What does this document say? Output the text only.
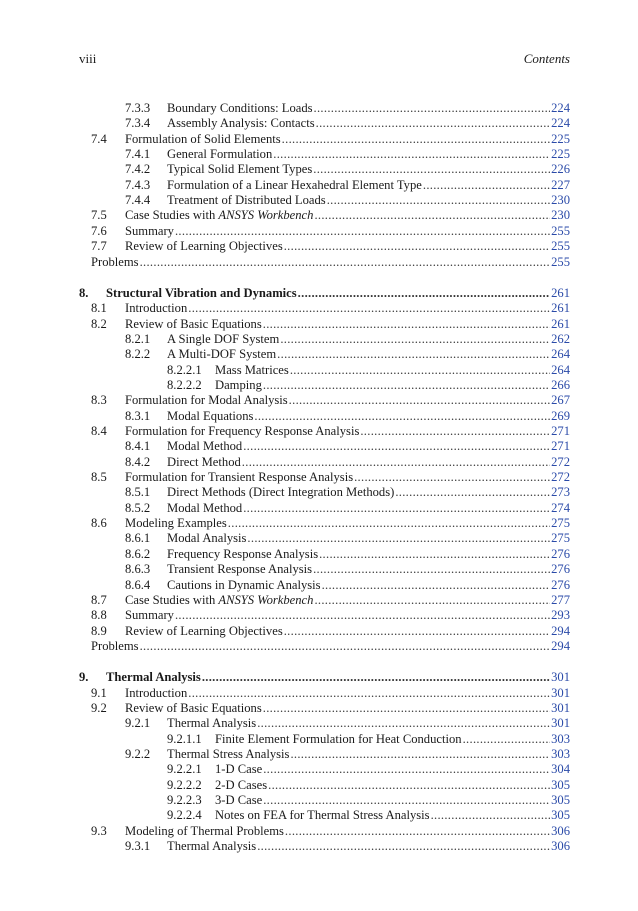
viii	Contents
7.3.3	Boundary Conditions: Loads .....	224
7.3.4	Assembly Analysis: Contacts .....	224
7.4	Formulation of Solid Elements .....	225
7.4.1	General Formulation .....	225
7.4.2	Typical Solid Element Types .....	226
7.4.3	Formulation of a Linear Hexahedral Element Type .....	227
7.4.4	Treatment of Distributed Loads .....	230
7.5	Case Studies with ANSYS Workbench .....	230
7.6	Summary .....	255
7.7	Review of Learning Objectives .....	255
Problems .....	255
8.	Structural Vibration and Dynamics .....	261
8.1	Introduction .....	261
8.2	Review of Basic Equations .....	261
8.2.1	A Single DOF System .....	262
8.2.2	A Multi-DOF System .....	264
8.2.2.1	Mass Matrices .....	264
8.2.2.2	Damping .....	266
8.3	Formulation for Modal Analysis .....	267
8.3.1	Modal Equations .....	269
8.4	Formulation for Frequency Response Analysis .....	271
8.4.1	Modal Method .....	271
8.4.2	Direct Method .....	272
8.5	Formulation for Transient Response Analysis .....	272
8.5.1	Direct Methods (Direct Integration Methods) .....	273
8.5.2	Modal Method .....	274
8.6	Modeling Examples .....	275
8.6.1	Modal Analysis .....	275
8.6.2	Frequency Response Analysis .....	276
8.6.3	Transient Response Analysis .....	276
8.6.4	Cautions in Dynamic Analysis .....	276
8.7	Case Studies with ANSYS Workbench .....	277
8.8	Summary .....	293
8.9	Review of Learning Objectives .....	294
Problems .....	294
9.	Thermal Analysis .....	301
9.1	Introduction .....	301
9.2	Review of Basic Equations .....	301
9.2.1	Thermal Analysis .....	301
9.2.1.1	Finite Element Formulation for Heat Conduction .....	303
9.2.2	Thermal Stress Analysis .....	303
9.2.2.1	1-D Case .....	304
9.2.2.2	2-D Cases .....	305
9.2.2.3	3-D Case .....	305
9.2.2.4	Notes on FEA for Thermal Stress Analysis .....	305
9.3	Modeling of Thermal Problems .....	306
9.3.1	Thermal Analysis .....	306
